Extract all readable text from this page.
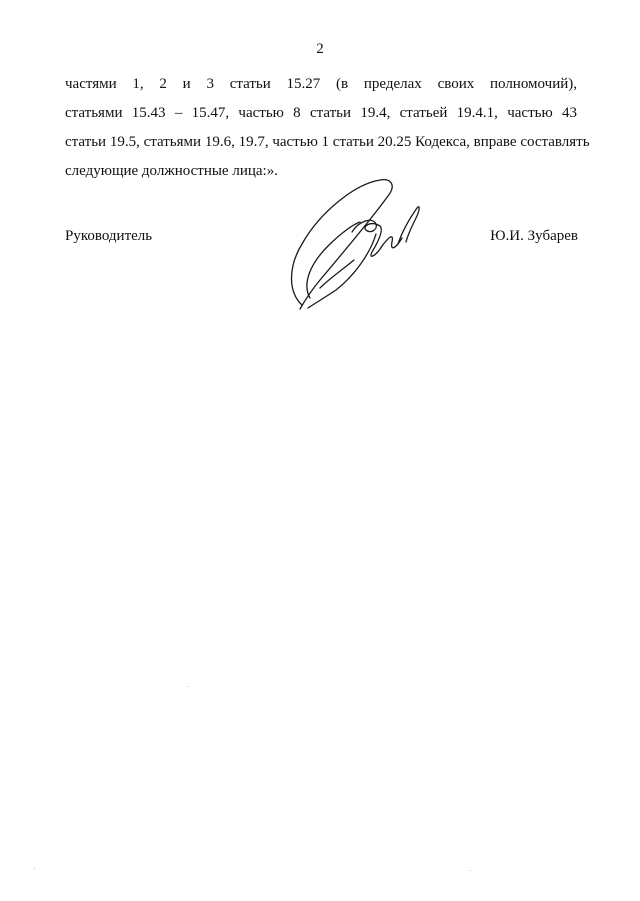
2
частями 1, 2 и 3 статьи 15.27 (в пределах своих полномочий),
статьями 15.43 – 15.47, частью 8 статьи 19.4, статьей 19.4.1, частью 43
статьи 19.5, статьями 19.6, 19.7, частью 1 статьи 20.25 Кодекса, вправе составлять
следующие должностные лица:».
Руководитель	Ю.И. Зубарев
